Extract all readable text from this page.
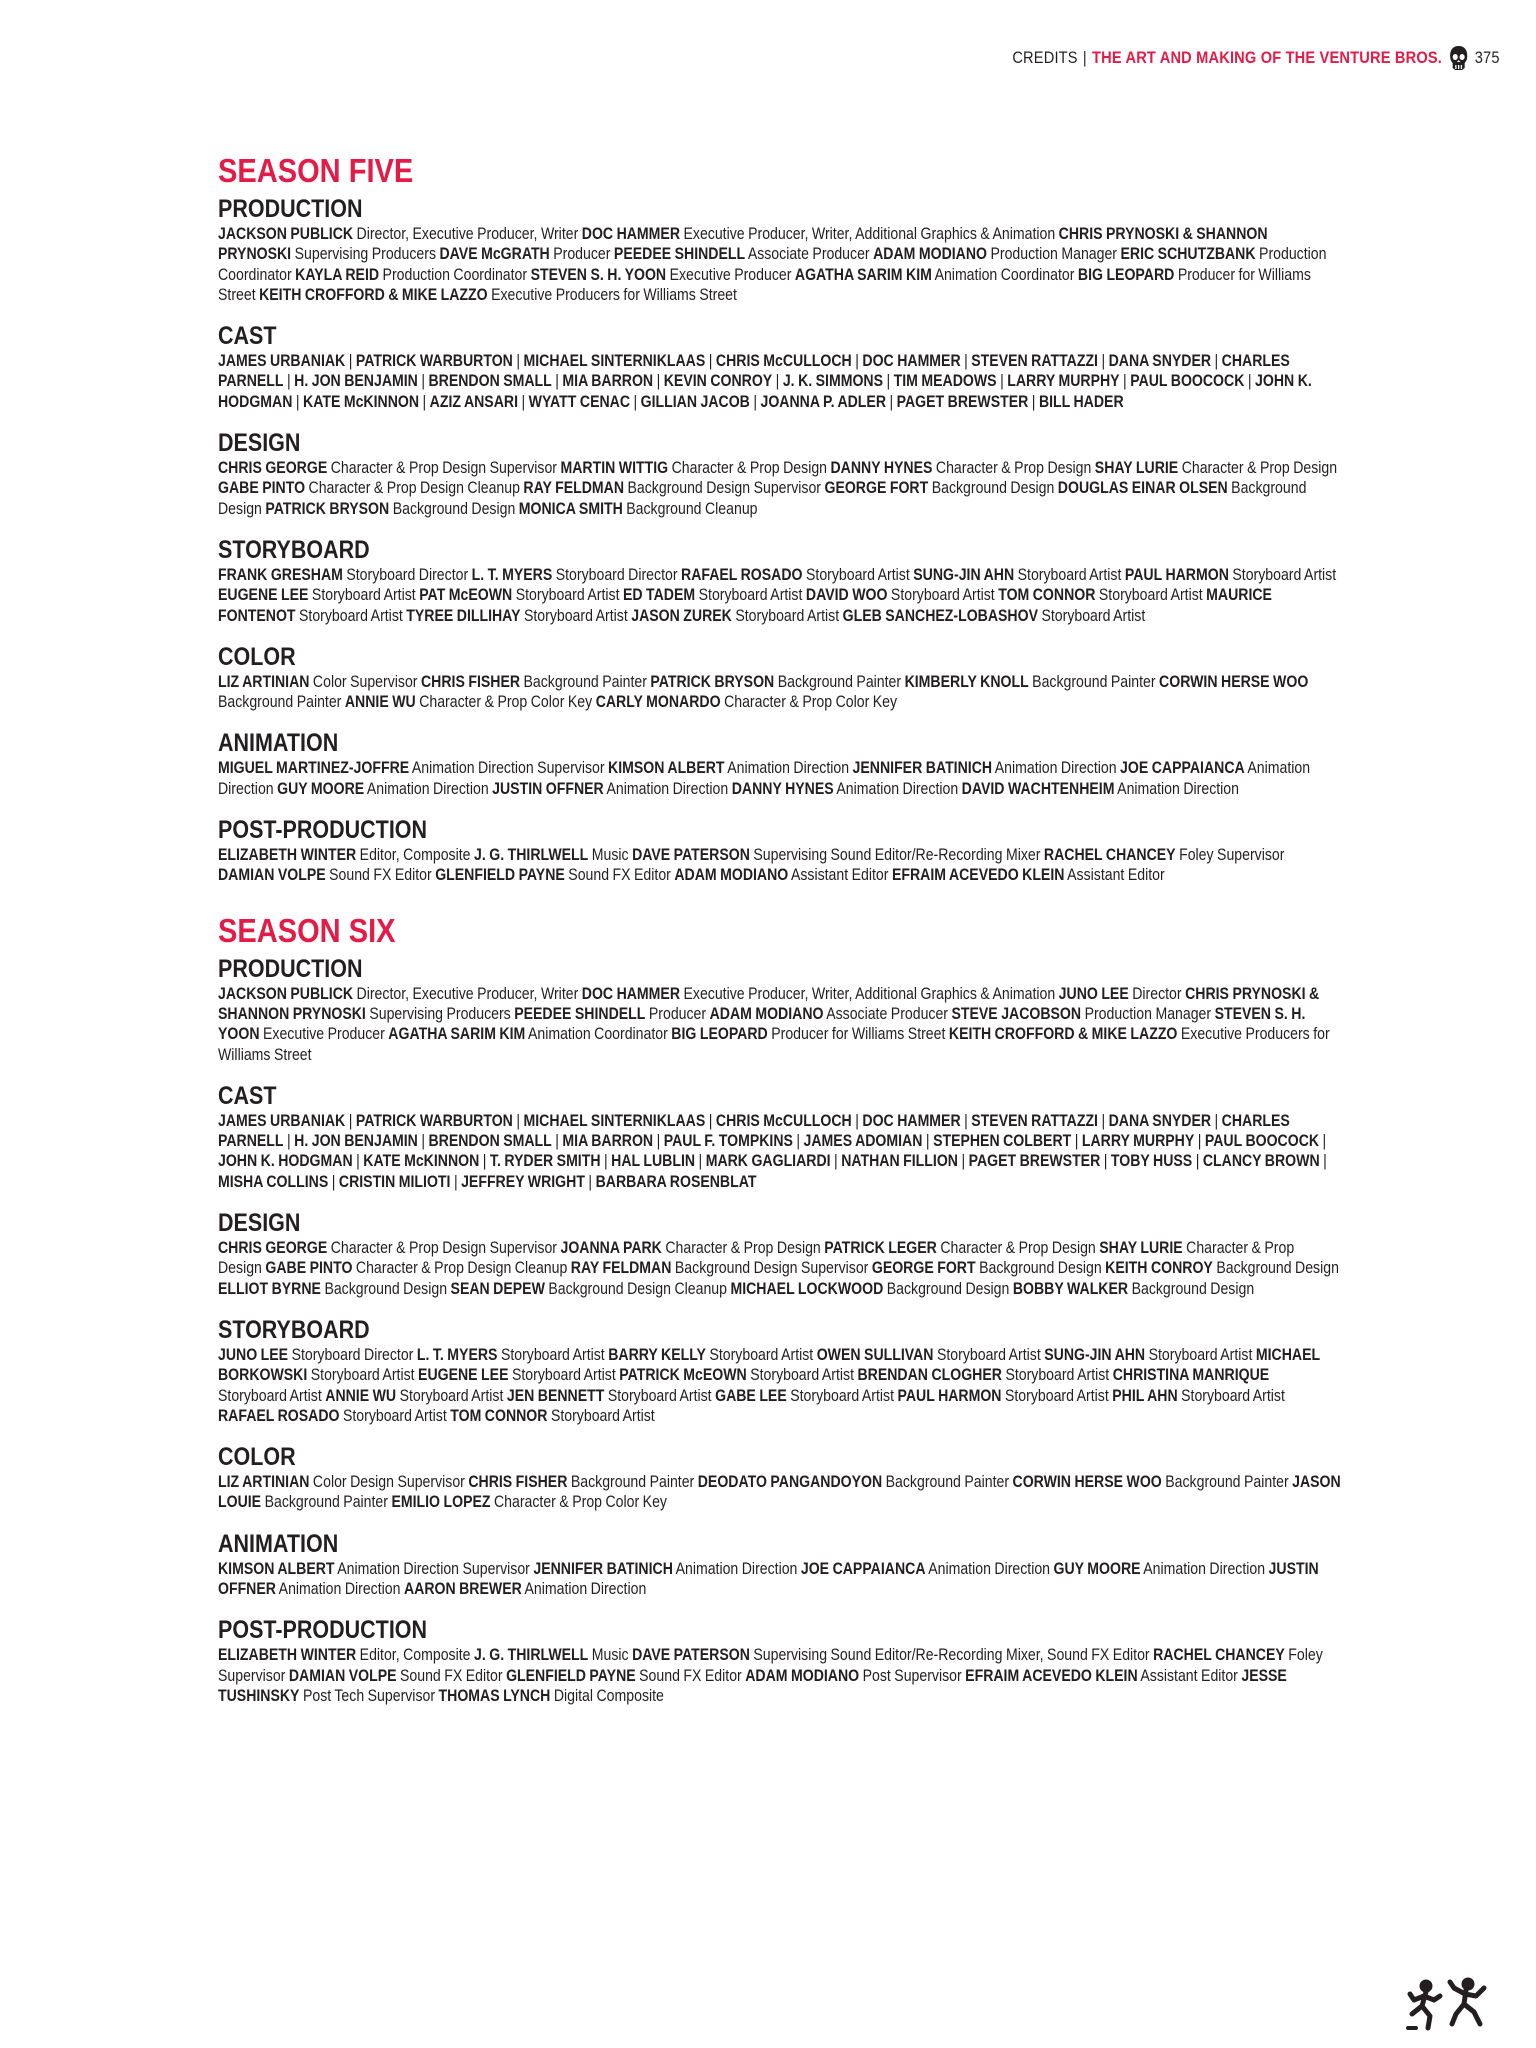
CREDITS | THE ART AND MAKING OF THE VENTURE BROS. 375
SEASON FIVE
PRODUCTION
JACKSON PUBLICK Director, Executive Producer, Writer DOC HAMMER Executive Producer, Writer, Additional Graphics & Animation CHRIS PRYNOSKI & SHANNON PRYNOSKI Supervising Producers DAVE McGRATH Producer PEEDEE SHINDELL Associate Producer ADAM MODIANO Production Manager ERIC SCHUTZBANK Production Coordinator KAYLA REID Production Coordinator STEVEN S. H. YOON Executive Producer AGATHA SARIM KIM Animation Coordinator BIG LEOPARD Producer for Williams Street KEITH CROFFORD & MIKE LAZZO Executive Producers for Williams Street
CAST
JAMES URBANIAK | PATRICK WARBURTON | MICHAEL SINTERNIKLAAS | CHRIS McCULLOCH | DOC HAMMER | STEVEN RATTAZZI | DANA SNYDER | CHARLES PARNELL | H. JON BENJAMIN | BRENDON SMALL | MIA BARRON | KEVIN CONROY | J. K. SIMMONS | TIM MEADOWS | LARRY MURPHY | PAUL BOOCOCK | JOHN K. HODGMAN | KATE McKINNON | AZIZ ANSARI | WYATT CENAC | GILLIAN JACOB | JOANNA P. ADLER | PAGET BREWSTER | BILL HADER
DESIGN
CHRIS GEORGE Character & Prop Design Supervisor MARTIN WITTIG Character & Prop Design DANNY HYNES Character & Prop Design SHAY LURIE Character & Prop Design GABE PINTO Character & Prop Design Cleanup RAY FELDMAN Background Design Supervisor GEORGE FORT Background Design DOUGLAS EINAR OLSEN Background Design PATRICK BRYSON Background Design MONICA SMITH Background Cleanup
STORYBOARD
FRANK GRESHAM Storyboard Director L. T. MYERS Storyboard Director RAFAEL ROSADO Storyboard Artist SUNG-JIN AHN Storyboard Artist PAUL HARMON Storyboard Artist EUGENE LEE Storyboard Artist PAT McEOWN Storyboard Artist ED TADEM Storyboard Artist DAVID WOO Storyboard Artist TOM CONNOR Storyboard Artist MAURICE FONTENOT Storyboard Artist TYREE DILLIHAY Storyboard Artist JASON ZUREK Storyboard Artist GLEB SANCHEZ-LOBASHOV Storyboard Artist
COLOR
LIZ ARTINIAN Color Supervisor CHRIS FISHER Background Painter PATRICK BRYSON Background Painter KIMBERLY KNOLL Background Painter CORWIN HERSE WOO Background Painter ANNIE WU Character & Prop Color Key CARLY MONARDO Character & Prop Color Key
ANIMATION
MIGUEL MARTINEZ-JOFFRE Animation Direction Supervisor KIMSON ALBERT Animation Direction JENNIFER BATINICH Animation Direction JOE CAPPAIANCA Animation Direction GUY MOORE Animation Direction JUSTIN OFFNER Animation Direction DANNY HYNES Animation Direction DAVID WACHTENHEIM Animation Direction
POST-PRODUCTION
ELIZABETH WINTER Editor, Composite J. G. THIRLWELL Music DAVE PATERSON Supervising Sound Editor/Re-Recording Mixer RACHEL CHANCEY Foley Supervisor DAMIAN VOLPE Sound FX Editor GLENFIELD PAYNE Sound FX Editor ADAM MODIANO Assistant Editor EFRAIM ACEVEDO KLEIN Assistant Editor
SEASON SIX
PRODUCTION
JACKSON PUBLICK Director, Executive Producer, Writer DOC HAMMER Executive Producer, Writer, Additional Graphics & Animation JUNO LEE Director CHRIS PRYNOSKI & SHANNON PRYNOSKI Supervising Producers PEEDEE SHINDELL Producer ADAM MODIANO Associate Producer STEVE JACOBSON Production Manager STEVEN S. H. YOON Executive Producer AGATHA SARIM KIM Animation Coordinator BIG LEOPARD Producer for Williams Street KEITH CROFFORD & MIKE LAZZO Executive Producers for Williams Street
CAST
JAMES URBANIAK | PATRICK WARBURTON | MICHAEL SINTERNIKLAAS | CHRIS McCULLOCH | DOC HAMMER | STEVEN RATTAZZI | DANA SNYDER | CHARLES PARNELL | H. JON BENJAMIN | BRENDON SMALL | MIA BARRON | PAUL F. TOMPKINS | JAMES ADOMIAN | STEPHEN COLBERT | LARRY MURPHY | PAUL BOOCOCK | JOHN K. HODGMAN | KATE McKINNON | T. RYDER SMITH | HAL LUBLIN | MARK GAGLIARDI | NATHAN FILLION | PAGET BREWSTER | TOBY HUSS | CLANCY BROWN | MISHA COLLINS | CRISTIN MILIOTI | JEFFREY WRIGHT | BARBARA ROSENBLAT
DESIGN
CHRIS GEORGE Character & Prop Design Supervisor JOANNA PARK Character & Prop Design PATRICK LEGER Character & Prop Design SHAY LURIE Character & Prop Design GABE PINTO Character & Prop Design Cleanup RAY FELDMAN Background Design Supervisor GEORGE FORT Background Design KEITH CONROY Background Design ELLIOT BYRNE Background Design SEAN DEPEW Background Design Cleanup MICHAEL LOCKWOOD Background Design BOBBY WALKER Background Design
STORYBOARD
JUNO LEE Storyboard Director L. T. MYERS Storyboard Artist BARRY KELLY Storyboard Artist OWEN SULLIVAN Storyboard Artist SUNG-JIN AHN Storyboard Artist MICHAEL BORKOWSKI Storyboard Artist EUGENE LEE Storyboard Artist PATRICK McEOWN Storyboard Artist BRENDAN CLOGHER Storyboard Artist CHRISTINA MANRIQUE Storyboard Artist ANNIE WU Storyboard Artist JEN BENNETT Storyboard Artist GABE LEE Storyboard Artist PAUL HARMON Storyboard Artist PHIL AHN Storyboard Artist RAFAEL ROSADO Storyboard Artist TOM CONNOR Storyboard Artist
COLOR
LIZ ARTINIAN Color Design Supervisor CHRIS FISHER Background Painter DEODATO PANGANDOYON Background Painter CORWIN HERSE WOO Background Painter JASON LOUIE Background Painter EMILIO LOPEZ Character & Prop Color Key
ANIMATION
KIMSON ALBERT Animation Direction Supervisor JENNIFER BATINICH Animation Direction JOE CAPPAIANCA Animation Direction GUY MOORE Animation Direction JUSTIN OFFNER Animation Direction AARON BREWER Animation Direction
POST-PRODUCTION
ELIZABETH WINTER Editor, Composite J. G. THIRLWELL Music DAVE PATERSON Supervising Sound Editor/Re-Recording Mixer, Sound FX Editor RACHEL CHANCEY Foley Supervisor DAMIAN VOLPE Sound FX Editor GLENFIELD PAYNE Sound FX Editor ADAM MODIANO Post Supervisor EFRAIM ACEVEDO KLEIN Assistant Editor JESSE TUSHINSKY Post Tech Supervisor THOMAS LYNCH Digital Composite
